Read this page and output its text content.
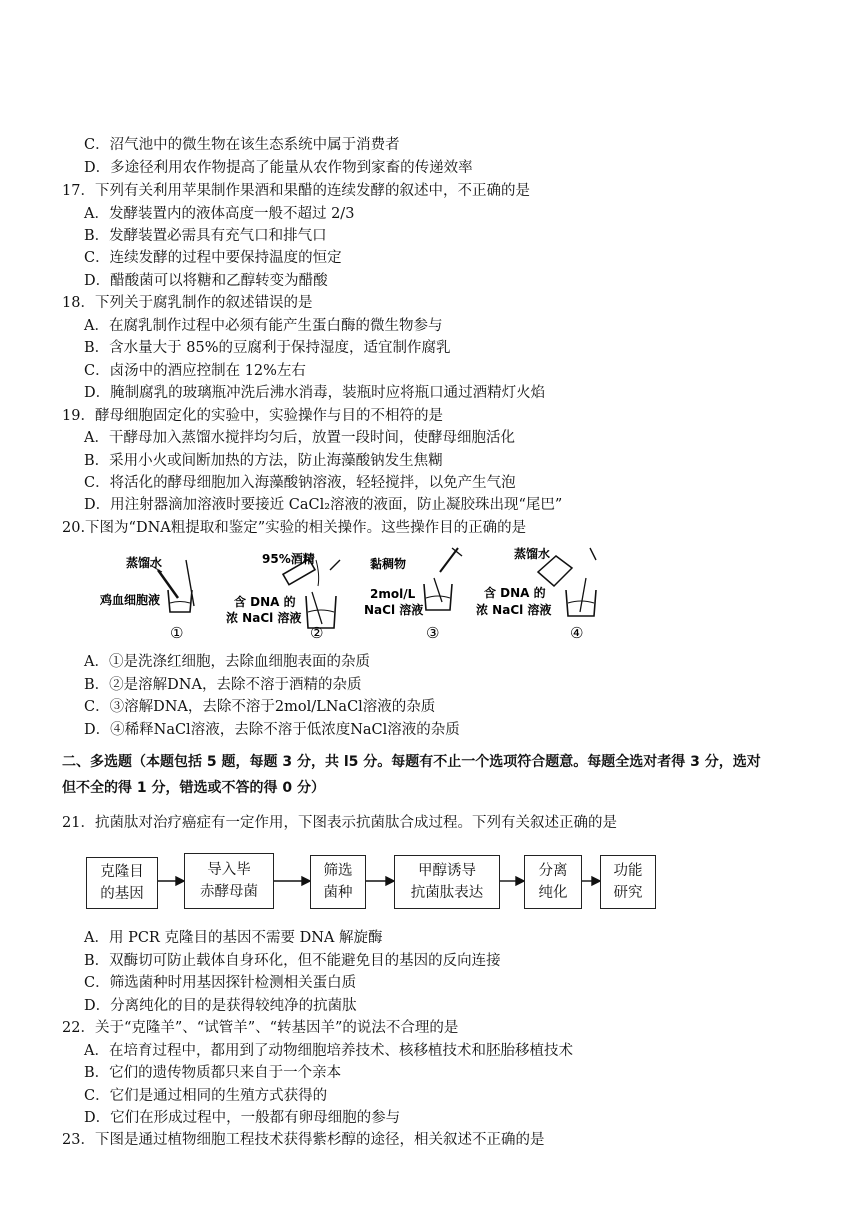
C．沼气池中的微生物在该生态系统中属于消费者
D．多途径利用农作物提高了能量从农作物到家畜的传递效率
17．下列有关利用苹果制作果酒和果醋的连续发酵的叙述中，不正确的是
A．发酵装置内的液体高度一般不超过 2/3
B．发酵装置必需具有充气口和排气口
C．连续发酵的过程中要保持温度的恒定
D．醋酸菌可以将糖和乙醇转变为醋酸
18．下列关于腐乳制作的叙述错误的是
A．在腐乳制作过程中必须有能产生蛋白酶的微生物参与
B．含水量大于 85%的豆腐利于保持湿度，适宜制作腐乳
C．卤汤中的酒应控制在 12%左右
D．腌制腐乳的玻璃瓶冲洗后沸水消毒，装瓶时应将瓶口通过酒精灯火焰
19．酵母细胞固定化的实验中，实验操作与目的不相符的是
A．干酵母加入蒸馏水搅拌均匀后，放置一段时间，使酵母细胞活化
B．采用小火或间断加热的方法，防止海藻酸钠发生焦糊
C．将活化的酵母细胞加入海藻酸钠溶液，轻轻搅拌，以免产生气泡
D．用注射器滴加溶液时要接近 CaCl₂溶液的液面，防止凝胶珠出现“尾巴”
20.下图为“DNA粗提取和鉴定”实验的相关操作。这些操作目的正确的是
蒸馏水
鸡血细胞液
①
95%酒精
含 DNA 的
浓 NaCl 溶液
②
黏稠物
2mol/L
NaCl 溶液
③
蒸馏水
含 DNA 的
浓 NaCl 溶液
④
A．①是洗涤红细胞，去除血细胞表面的杂质
B．②是溶解DNA，去除不溶于酒精的杂质
C．③溶解DNA，去除不溶于2mol/LNaCl溶液的杂质
D．④稀释NaCl溶液，去除不溶于低浓度NaCl溶液的杂质
二、多选题（本题包括 5 题，每题 3 分，共 l5 分。每题有不止一个选项符合题意。每题全选对者得 3 分，选对
但不全的得 1 分，错选或不答的得 0 分）
21．抗菌肽对治疗癌症有一定作用，下图表示抗菌肽合成过程。下列有关叙述正确的是
克隆目
的基因
导入毕
赤酵母菌
筛选
菌种
甲醇诱导
抗菌肽表达
分离
纯化
功能
研究
A．用 PCR 克隆目的基因不需要 DNA 解旋酶
B．双酶切可防止载体自身环化，但不能避免目的基因的反向连接
C．筛选菌种时用基因探针检测相关蛋白质
D．分离纯化的目的是获得较纯净的抗菌肽
22．关于“克隆羊”、“试管羊”、“转基因羊”的说法不合理的是
A．在培育过程中，都用到了动物细胞培养技术、核移植技术和胚胎移植技术
B．它们的遗传物质都只来自于一个亲本
C．它们是通过相同的生殖方式获得的
D．它们在形成过程中，一般都有卵母细胞的参与
23．下图是通过植物细胞工程技术获得紫杉醇的途径，相关叙述不正确的是
